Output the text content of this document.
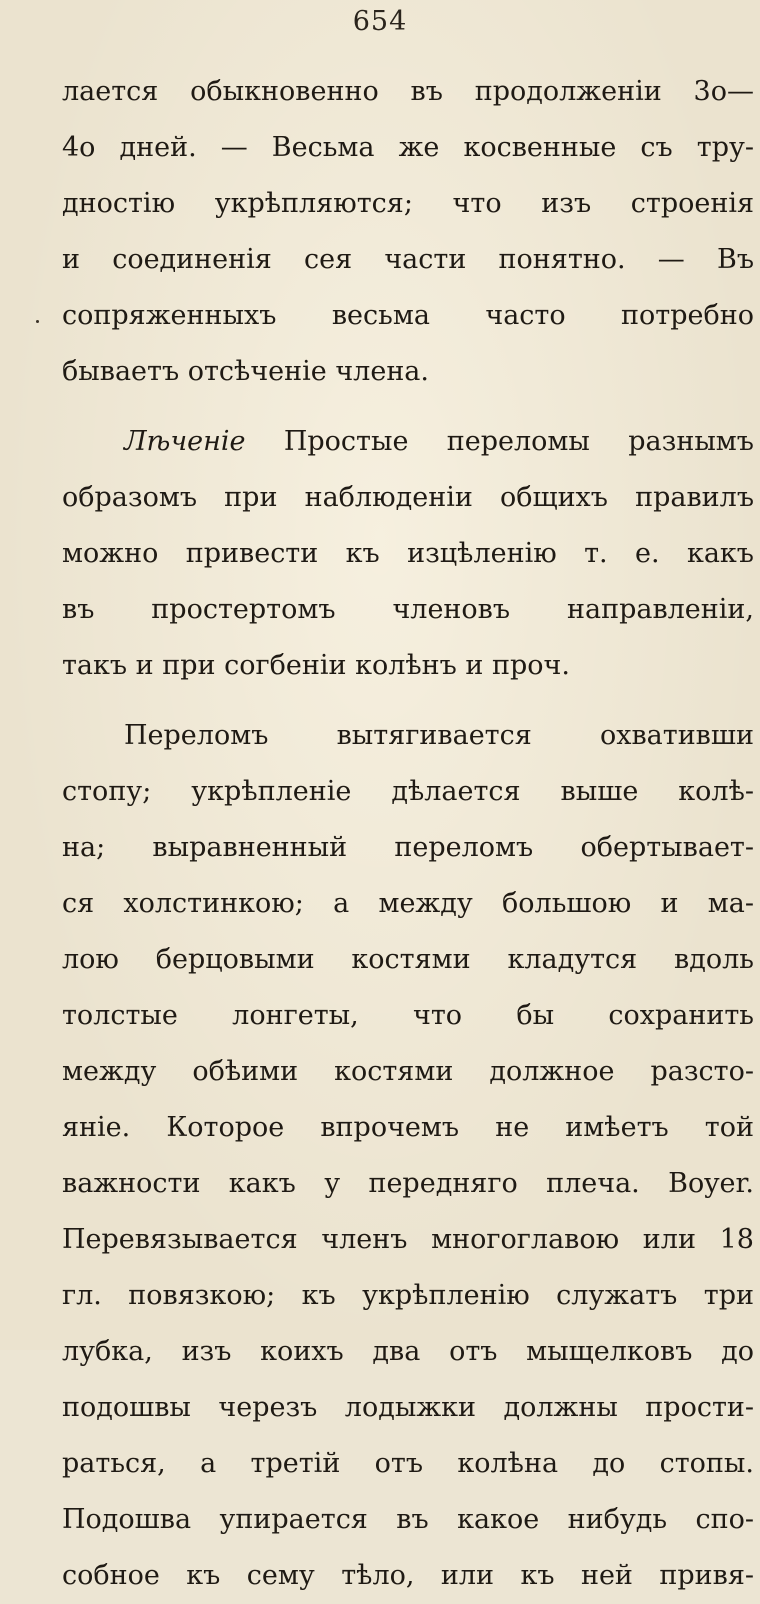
654
лается обыкновенно въ продолженіи 3о—
4о дней. — Весьма же косвенные съ тру-
дностію укрѣпляются; что изъ строенія
и соединенія сея части понятно. — Въ
сопряженныхъ весьма часто потребно
бываетъ отсѣченіе члена.
Лѣченіе Простые переломы разнымъ
образомъ при наблюденіи общихъ правилъ
можно привести къ изцѣленію т. е. какъ
въ простертомъ членовъ направленіи,
такъ и при согбеніи колѣнъ и проч.
Переломъ вытягивается охвативши
стопу; укрѣпленіе дѣлается выше колѣ-
на; выравненный переломъ обертывает-
ся холстинкою; а между большою и ма-
лою берцовыми костями кладутся вдоль
толстые лонгеты, что бы сохранить
между обѣими костями должное разсто-
яніе. Которое впрочемъ не имѣетъ той
важности какъ у передняго плеча. Boyer.
Перевязывается членъ многоглавою или 18
гл. повязкою; къ укрѣпленію служатъ три
лубка, изъ коихъ два отъ мыщелковъ до
подошвы черезъ лодыжки должны прости-
раться, а третій отъ колѣна до стопы.
Подошва упирается въ какое нибудь спо-
собное къ сему тѣло, или къ ней привя-
